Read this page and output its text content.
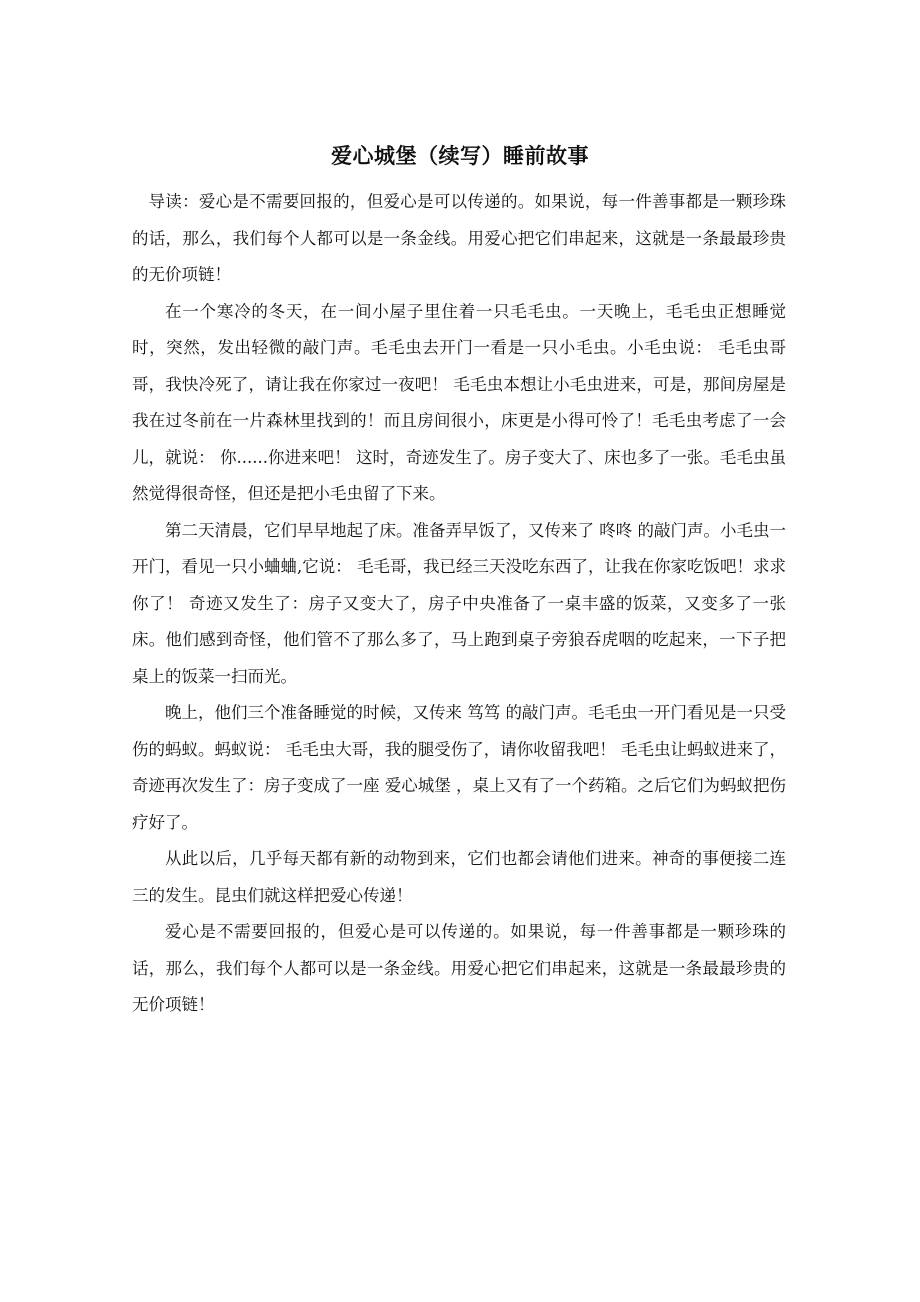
爱心城堡（续写）睡前故事

导读：爱心是不需要回报的，但爱心是可以传递的。如果说，每一件善事都是一颗珍珠的话，那么，我们每个人都可以是一条金线。用爱心把它们串起来，这就是一条最最珍贵的无价项链！

在一个寒冷的冬天，在一间小屋子里住着一只毛毛虫。一天晚上，毛毛虫正想睡觉时，突然，发出轻微的敲门声。毛毛虫去开门一看是一只小毛虫。小毛虫说： 毛毛虫哥哥，我快冷死了，请让我在你家过一夜吧！ 毛毛虫本想让小毛虫进来，可是，那间房屋是我在过冬前在一片森林里找到的！而且房间很小，床更是小得可怜了！毛毛虫考虑了一会儿，就说： 你......你进来吧！ 这时，奇迹发生了。房子变大了、床也多了一张。毛毛虫虽然觉得很奇怪，但还是把小毛虫留了下来。

第二天清晨，它们早早地起了床。准备弄早饭了，又传来了 咚咚 的敲门声。小毛虫一开门，看见一只小蛐蛐,它说： 毛毛哥，我已经三天没吃东西了，让我在你家吃饭吧！求求你了！ 奇迹又发生了：房子又变大了，房子中央准备了一桌丰盛的饭菜，又变多了一张床。他们感到奇怪，他们管不了那么多了，马上跑到桌子旁狼吞虎咽的吃起来，一下子把桌上的饭菜一扫而光。

晚上，他们三个准备睡觉的时候，又传来 笃笃 的敲门声。毛毛虫一开门看见是一只受伤的蚂蚁。蚂蚁说： 毛毛虫大哥，我的腿受伤了，请你收留我吧！ 毛毛虫让蚂蚁进来了，奇迹再次发生了：房子变成了一座 爱心城堡 ，桌上又有了一个药箱。之后它们为蚂蚁把伤疗好了。

从此以后，几乎每天都有新的动物到来，它们也都会请他们进来。神奇的事便接二连三的发生。昆虫们就这样把爱心传递！

爱心是不需要回报的，但爱心是可以传递的。如果说，每一件善事都是一颗珍珠的话，那么，我们每个人都可以是一条金线。用爱心把它们串起来，这就是一条最最珍贵的无价项链！
